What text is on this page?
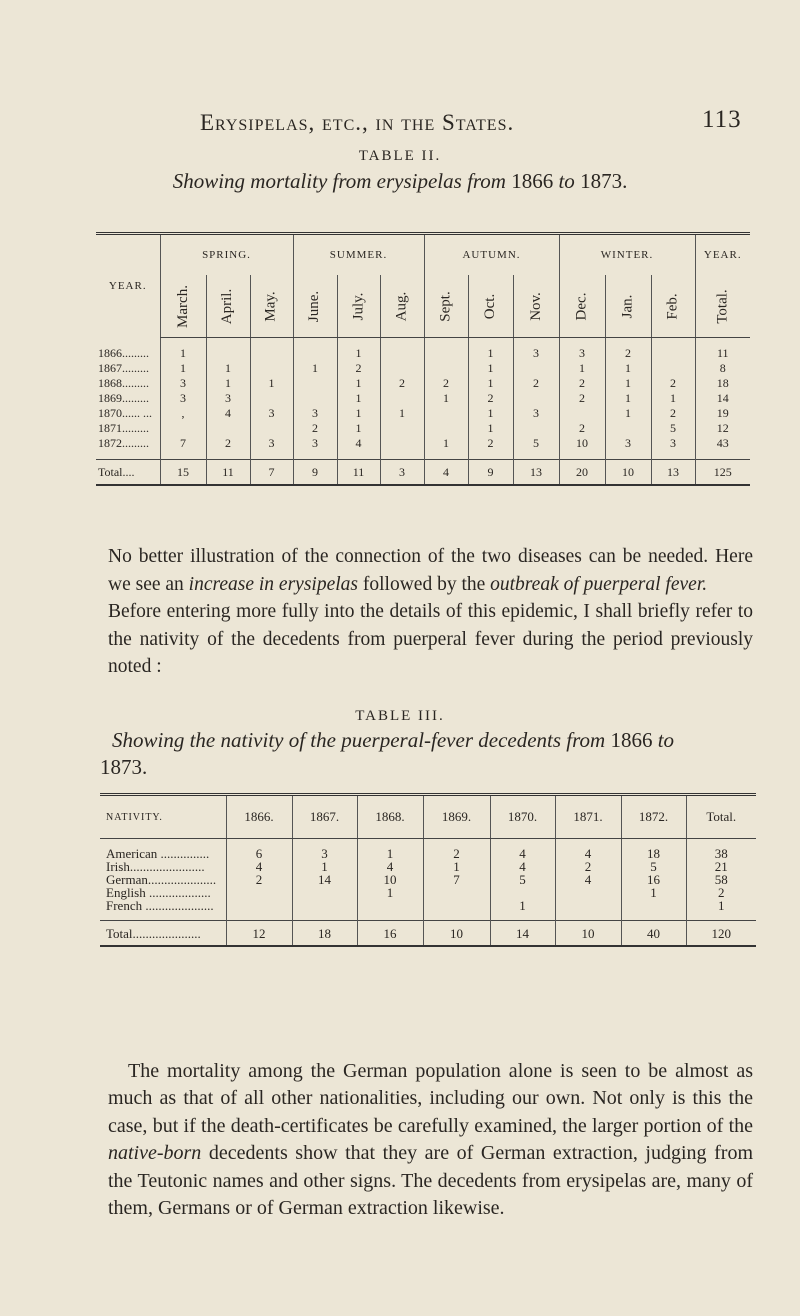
Erysipelas, etc., in the States.	113
TABLE II.
Showing mortality from erysipelas from 1866 to 1873.

YEAR.	SPRING.			SUMMER.			AUTUMN.			WINTER.			YEAR.
	March.	April.	May.	June.	July.	Aug.	Sept.	Oct.	Nov.	Dec.	Jan.	Feb.	Total.
1866.........	1				1			1	3	3	2		11
1867.........	1	1		1	2			1		1	1		8
1868.........	3	1	1		1	2	2	1	2	2	1	2	18
1869.........	3	3			1		1	2		2	1	1	14
1870...... ...	,	4	3	3	1	1		1	3		1	2	19
1871.........				2	1			1		2		5	12
1872.........	7	2	3	3	4		1	2	5	10	3	3	43
Total....	15	11	7	9	11	3	4	9	13	20	10	13	125

No better illustration of the connection of the two diseases can be needed. Here we see an increase in erysipelas followed by the outbreak of puerperal fever.

Before entering more fully into the details of this epidemic, I shall briefly refer to the nativity of the decedents from puerperal fever during the period previously noted :

TABLE III.
Showing the nativity of the puerperal-fever decedents from 1866 to 1873.

NATIVITY.	1866.	1867.	1868.	1869.	1870.	1871.	1872.	Total.
American ...............	6	3	1	2	4	4	18	38
Irish.......................	4	1	4	1	4	2	5	21
German.....................	2	14	10	7	5	4	16	58
English ...................			1				1	2
French .....................					1			1
Total.....................	12	18	16	10	14	10	40	120

The mortality among the German population alone is seen to be almost as much as that of all other nationalities, including our own. Not only is this the case, but if the death-certificates be carefully examined, the larger portion of the native-born decedents show that they are of German extraction, judging from the Teutonic names and other signs. The decedents from erysipelas are, many of them, Germans or of German extraction likewise.
